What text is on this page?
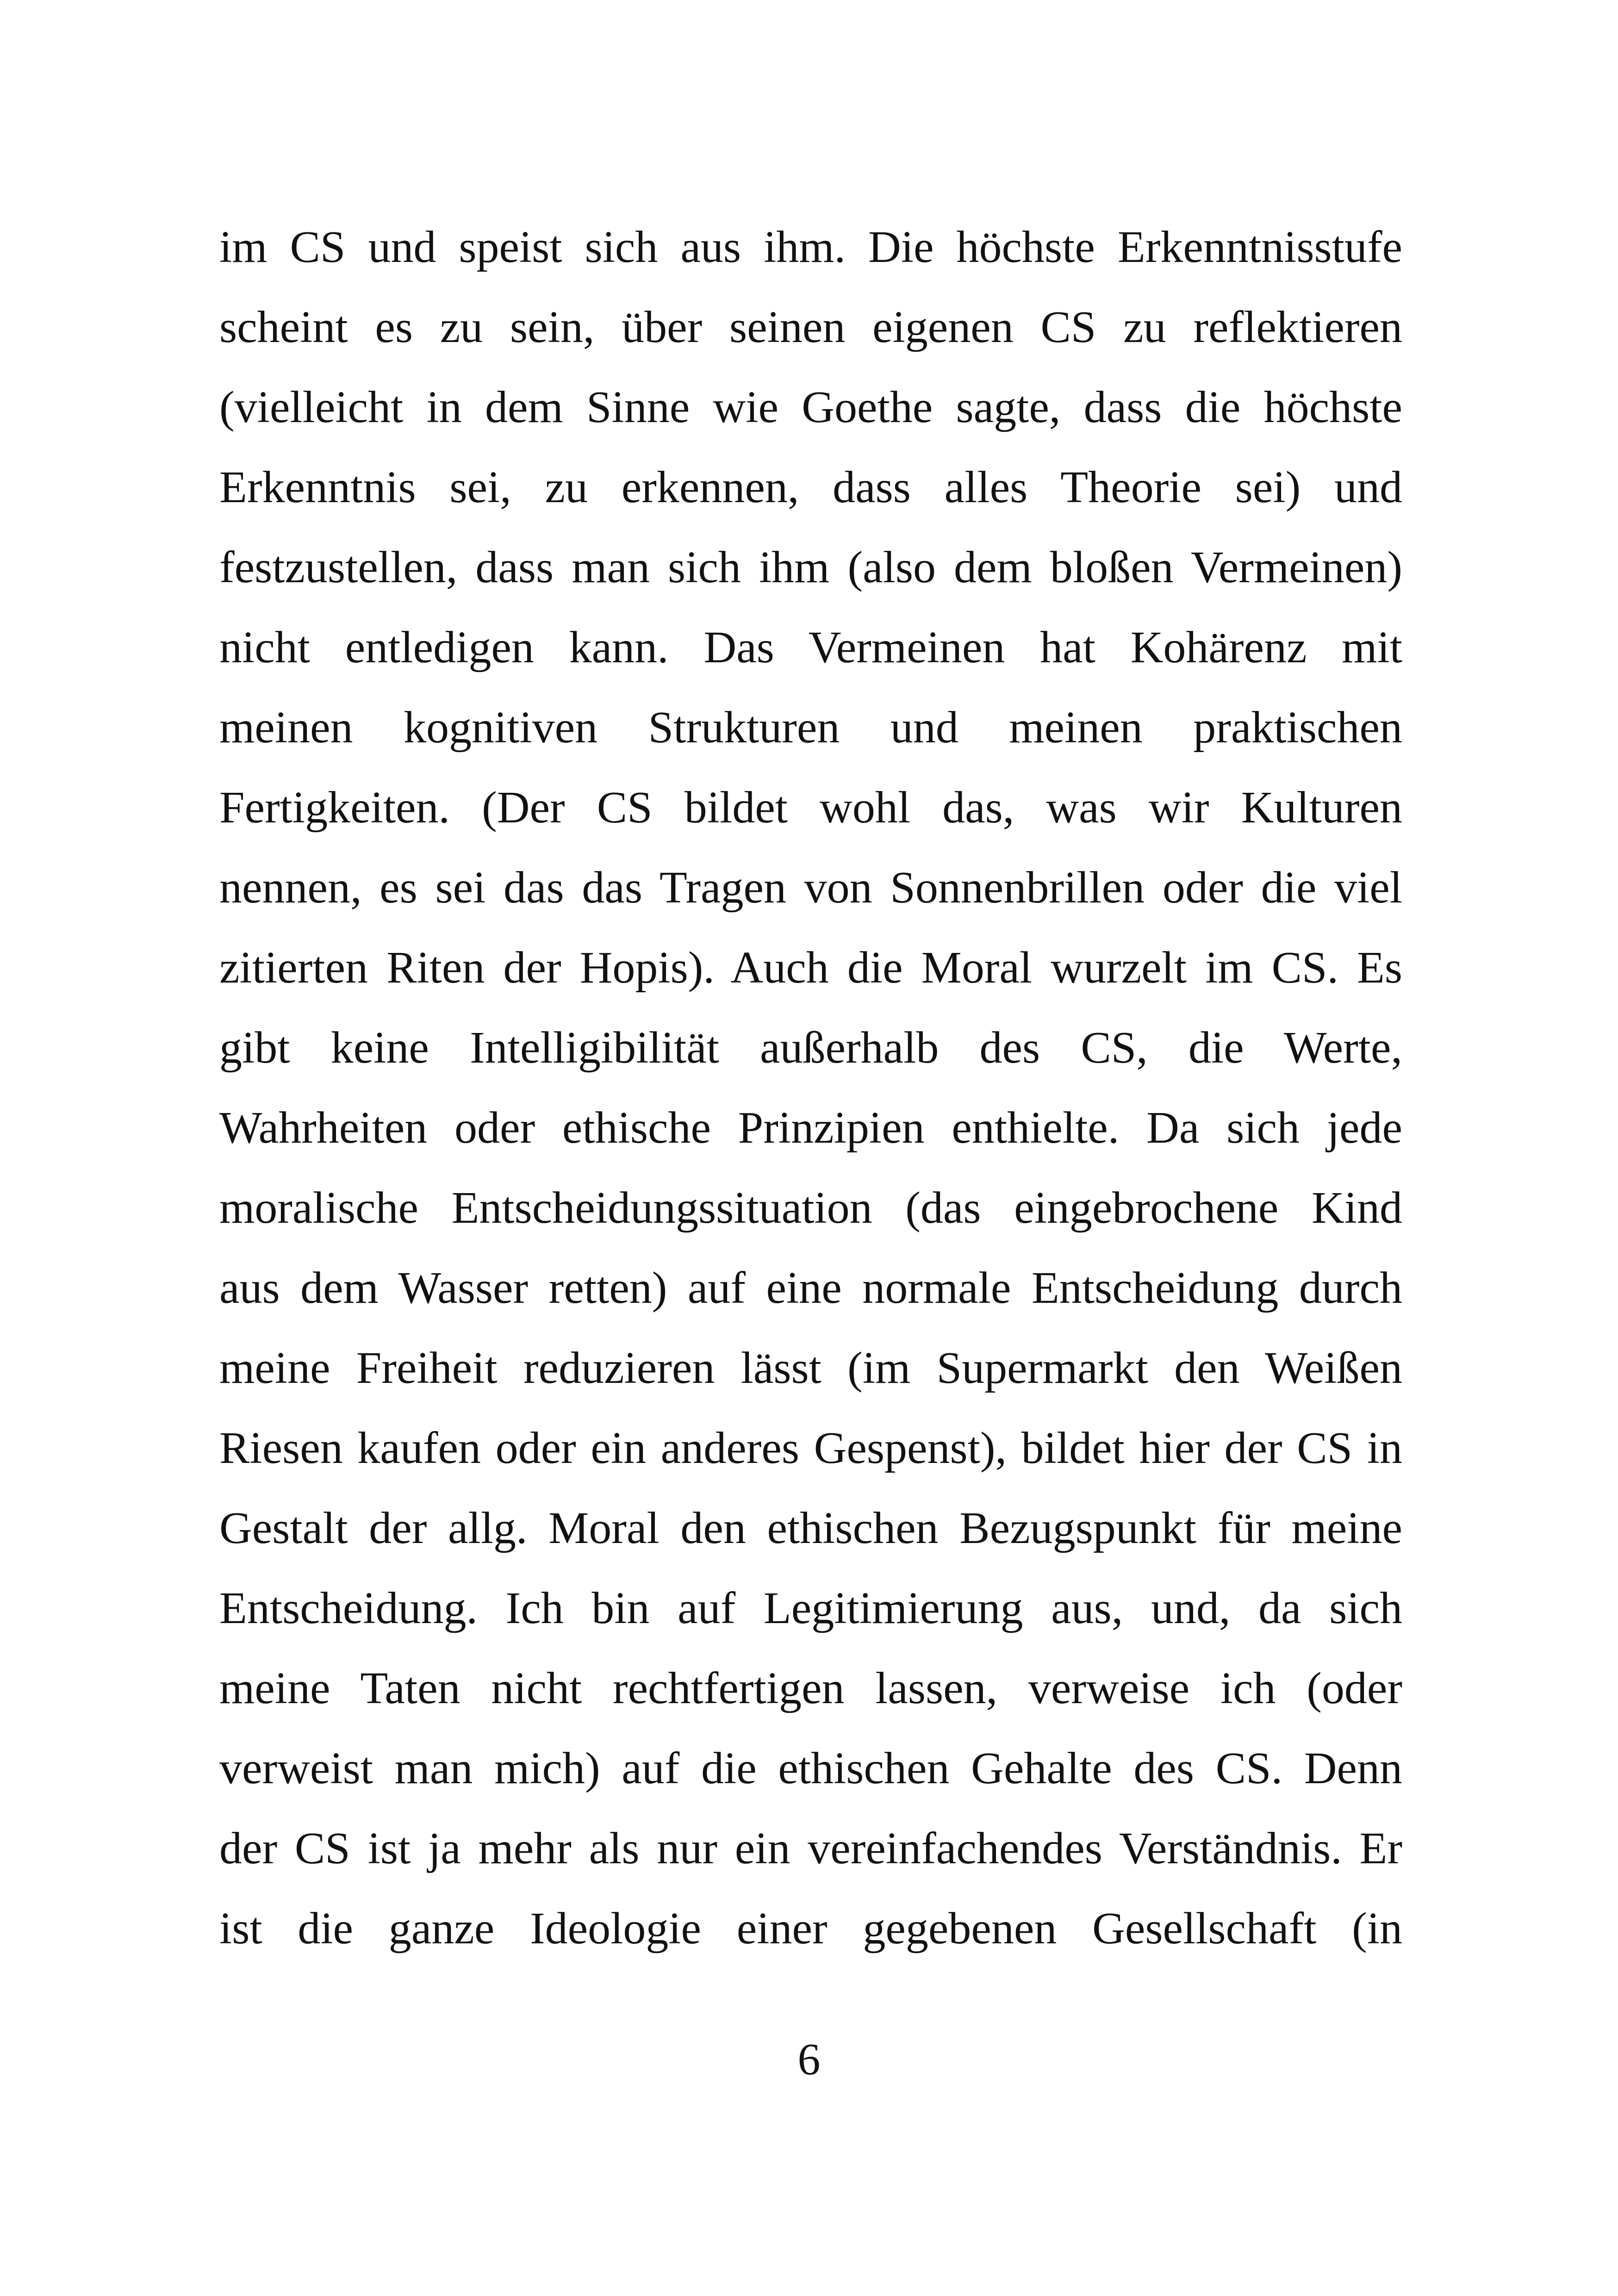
im CS und speist sich aus ihm. Die höchste Erkenntnisstufe
scheint es zu sein, über seinen eigenen CS zu reflektieren
(vielleicht in dem Sinne wie Goethe sagte, dass die höchste
Erkenntnis sei, zu erkennen, dass alles Theorie sei) und
festzustellen, dass man sich ihm (also dem bloßen Vermeinen)
nicht entledigen kann. Das Vermeinen hat Kohärenz mit
meinen kognitiven Strukturen und meinen praktischen
Fertigkeiten. (Der CS bildet wohl das, was wir Kulturen
nennen, es sei das das Tragen von Sonnenbrillen oder die viel
zitierten Riten der Hopis). Auch die Moral wurzelt im CS. Es
gibt keine Intelligibilität außerhalb des CS, die Werte,
Wahrheiten oder ethische Prinzipien enthielte. Da sich jede
moralische Entscheidungssituation (das eingebrochene Kind
aus dem Wasser retten) auf eine normale Entscheidung durch
meine Freiheit reduzieren lässt (im Supermarkt den Weißen
Riesen kaufen oder ein anderes Gespenst), bildet hier der CS in
Gestalt der allg. Moral den ethischen Bezugspunkt für meine
Entscheidung. Ich bin auf Legitimierung aus, und, da sich
meine Taten nicht rechtfertigen lassen, verweise ich (oder
verweist man mich) auf die ethischen Gehalte des CS. Denn
der CS ist ja mehr als nur ein vereinfachendes Verständnis. Er
ist die ganze Ideologie einer gegebenen Gesellschaft (in
6
